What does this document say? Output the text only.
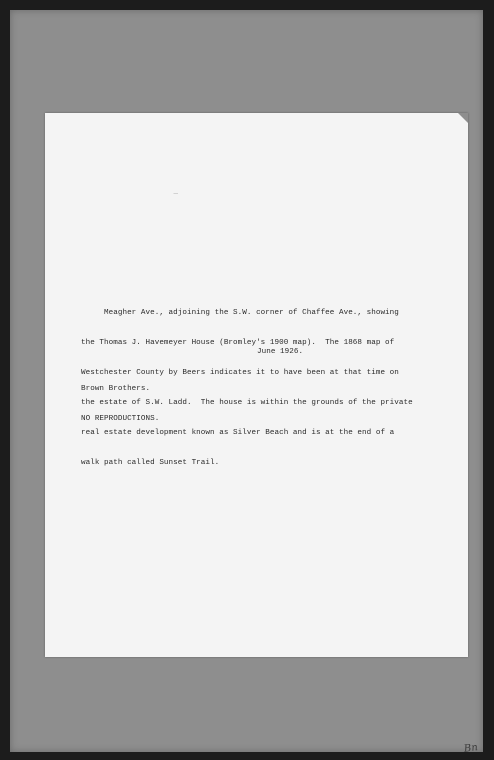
Meagher Ave., adjoining the S.W. corner of Chaffee Ave., showing

the Thomas J. Havemeyer House (Bromley's 1900 map).  The 1868 map of

Westchester County by Beers indicates it to have been at that time on

the estate of S.W. Ladd.  The house is within the grounds of the private

real estate development known as Silver Beach and is at the end of a

walk path called Sunset Trail.

June 1926.

Brown Brothers.

NO REPRODUCTIONS.

Bn
